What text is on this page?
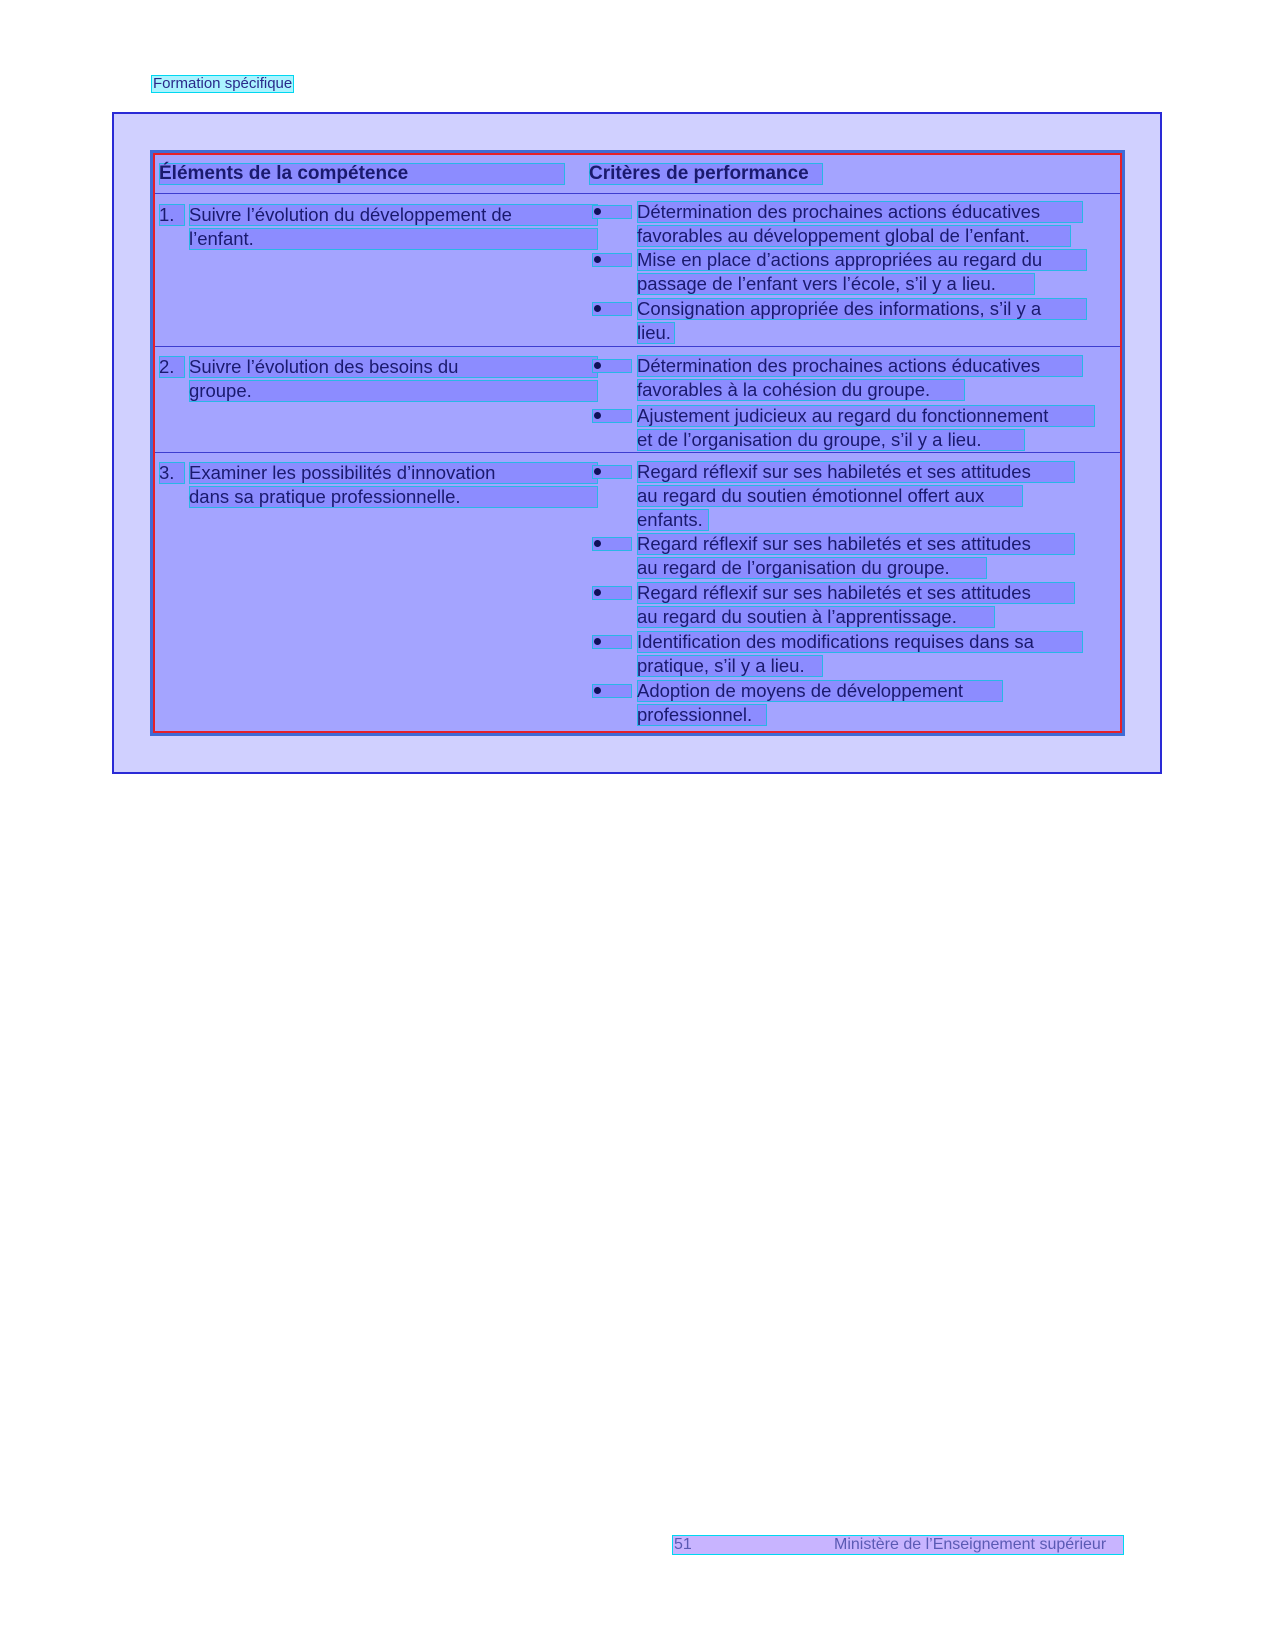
Formation spécifique
Éléments de la compétence	Critères de performance
1. Suivre l’évolution du développement de
l’enfant.
Détermination des prochaines actions éducatives
favorables au développement global de l’enfant.
Mise en place d’actions appropriées au regard du
passage de l’enfant vers l’école, s’il y a lieu.
Consignation appropriée des informations, s’il y a
lieu.
2. Suivre l’évolution des besoins du
groupe.
Détermination des prochaines actions éducatives
favorables à la cohésion du groupe.
Ajustement judicieux au regard du fonctionnement
et de l’organisation du groupe, s’il y a lieu.
3. Examiner les possibilités d’innovation
dans sa pratique professionnelle.
Regard réflexif sur ses habiletés et ses attitudes
au regard du soutien émotionnel offert aux
enfants.
Regard réflexif sur ses habiletés et ses attitudes
au regard de l’organisation du groupe.
Regard réflexif sur ses habiletés et ses attitudes
au regard du soutien à l’apprentissage.
Identification des modifications requises dans sa
pratique, s’il y a lieu.
Adoption de moyens de développement
professionnel.
51	Ministère de l’Enseignement supérieur
